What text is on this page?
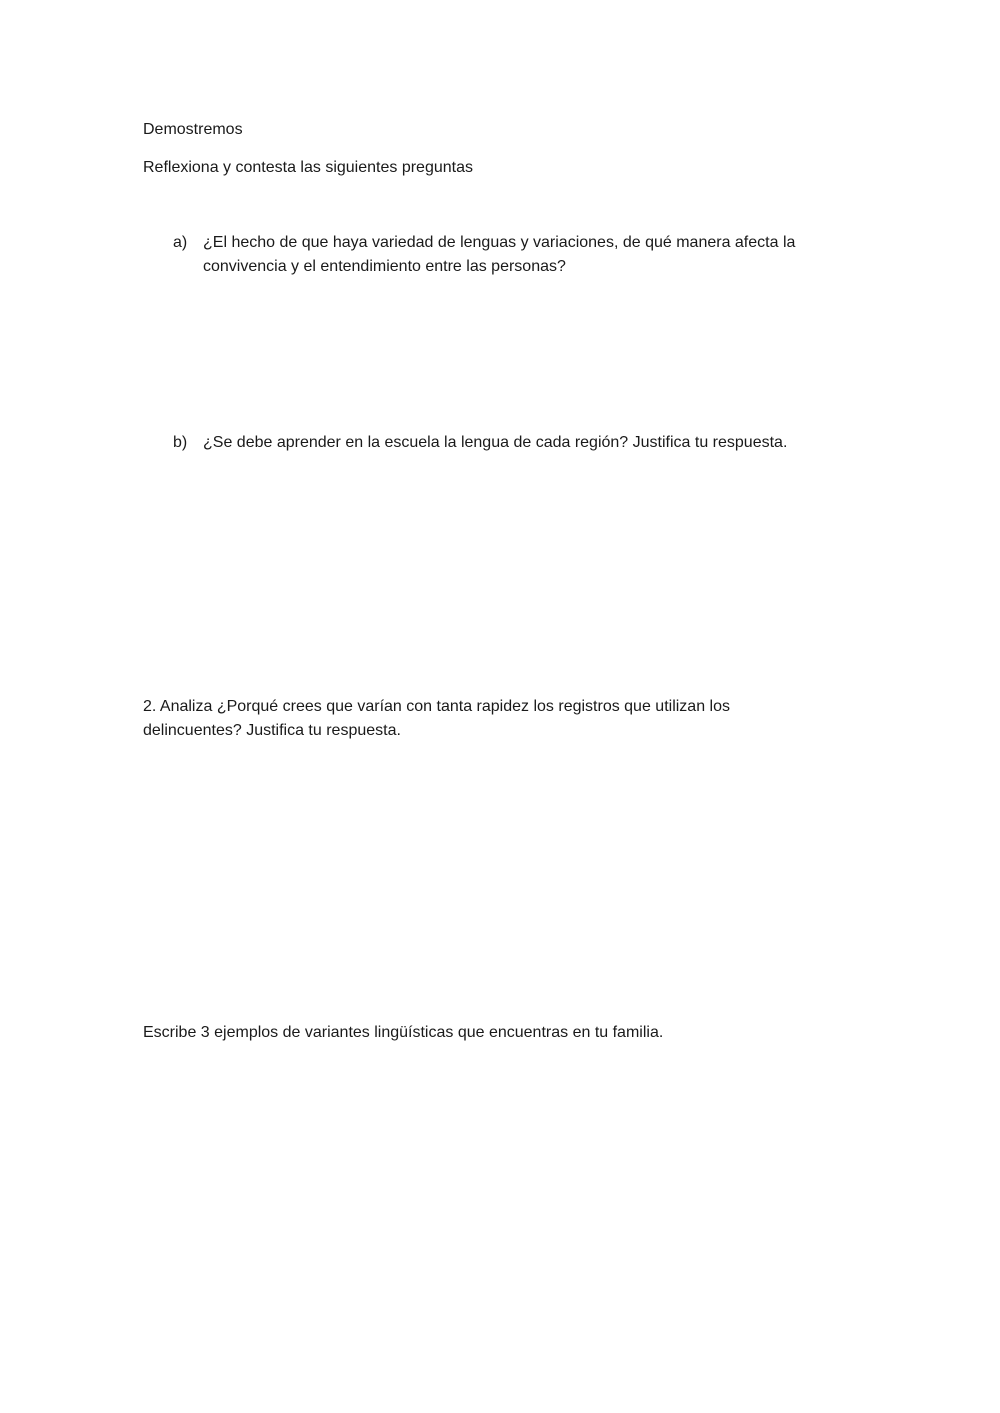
Demostremos
Reflexiona y contesta las siguientes preguntas
a) ¿El hecho de que haya variedad de lenguas y variaciones, de qué manera afecta la
convivencia y el entendimiento entre las personas?
b) ¿Se debe aprender en la escuela la lengua de cada región? Justifica tu respuesta.
2. Analiza ¿Porqué crees que varían con tanta rapidez los registros que utilizan los
delincuentes? Justifica tu respuesta.
Escribe 3 ejemplos de variantes lingüísticas que encuentras en tu familia.
